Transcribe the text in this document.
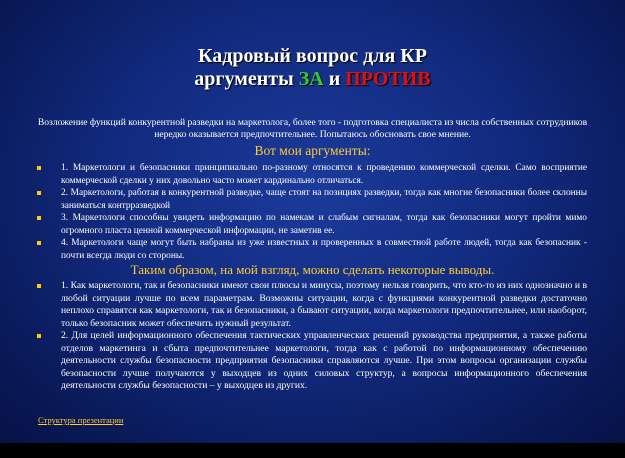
Кадровый вопрос для КР
аргументы ЗА и ПРОТИВ
Возложение функций конкурентной разведки на маркетолога, более того - подготовка специалиста из числа собственных сотрудников нередко оказывается предпочтительнее. Попытаюсь обосновать свое мнение.
Вот мои аргументы:
1. Маркетологи и безопасники принципиально по-разному относятся к проведению коммерческой сделки. Само восприятие коммерческой сделки у них довольно часто может кардинально отличаться.
2. Маркетологи, работая в конкурентной разведке, чаще стоят на позициях разведки, тогда как многие безопасники более склонны заниматься контрразведкой
3. Маркетологи способны увидеть информацию по намекам и слабым сигналам, тогда как безопасники могут пройти мимо огромного пласта ценной коммерческой информации, не заметив ее.
4. Маркетологи чаще могут быть набраны из уже известных и проверенных в совместной работе людей, тогда как безопасник - почти всегда люди со стороны.
Таким образом, на мой взгляд, можно сделать некоторые выводы.
1. Как маркетологи, так и безопасники имеют свои плюсы и минусы, поэтому нельзя говорить, что кто-то из них однозначно и в любой ситуации лучше по всем параметрам. Возможны ситуации, когда с функциями конкурентной разведки достаточно неплохо справятся как маркетологи, так и безопасники, а бывают ситуации, когда маркетологи предпочтительнее, или наоборот, только безопасник может обеспечить нужный результат.
2. Для целей информационного обеспечения тактических управленческих решений руководства предприятия, а также работы отделов маркетинга и сбыта предпочтительнее маркетологи, тогда как с работой по информационному обеспечению деятельности службы безопасности предприятия безопасники справляются лучше. При этом вопросы организации службы безопасности лучше получаются у выходцев из одних силовых структур, а вопросы информационного обеспечения деятельности службы безопасности – у выходцев из других.
Структура презентации
